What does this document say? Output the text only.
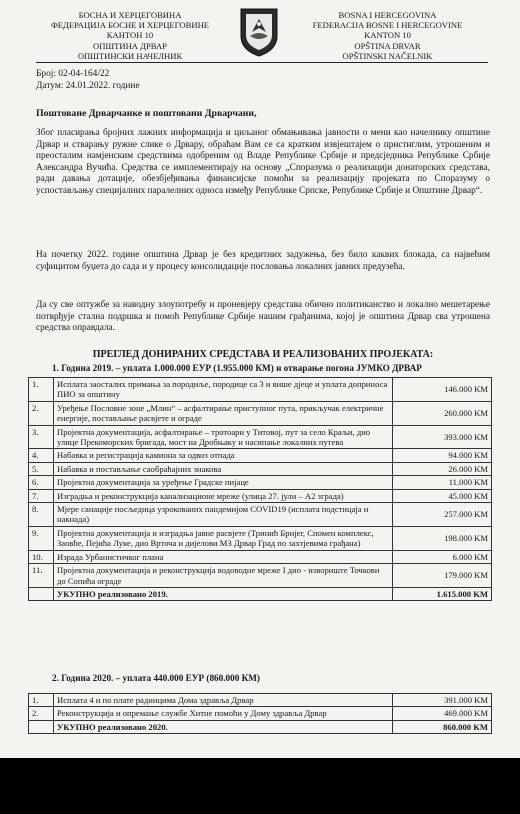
БОСНА И ХЕРЦЕГОВИНА
ФЕДЕРАЦИЈА БОСНЕ И ХЕРЦЕГОВИНЕ
КАНТОН 10
ОПШТИНА ДРВАР
ОПШТИНСКИ НАЧЕЛНИК
BOSNA I HERCEGOVINA
FEDERACIJA BOSNE I HERCEGOVINE
KANTON 10
OPŠTINA DRVAR
OPŠTINSKI NAČELNIK
Број: 02-04-164/22
Датум: 24.01.2022. године
Поштоване Дрварчанке и поштовани Дрварчани,
Због пласирања бројних лажних информација и циљаног обмањивања јавности о мени као начелнику општине Дрвар и стварању ружне слике о Дрвару, обраћам Вам се са кратким извјештајем о пристиглим, утрошеним и преосталим намјенским средствима одобреним од Владе Републике Србије и предсједника Републике Србије Александра Вучића. Средства се имплементирају на основу „Споразума о реализацији донаторских средстава, ради давања дотације, обезбјеђивања финансијске помоћи за реализацију пројеката по Споразуму о успостављању специјалних паралелних односа између Републике Српске, Републике Србије и Општине Дрвар“.
На почетку 2022. године општина Дрвар је без кредитних задужења, без било каквих блокада, са највећим суфицитом буџета до сада и у процесу консолидације пословања локалних јавних предузећа.
Да су све оптужбе за наводну злоупотребу и проневјеру средстава обично политиканство и локално мешетарење потврђује стална подршка и помоћ Републике Србије нашим грађанима, којој је општина Дрвар сва утрошена средства оправдала.
ПРЕГЛЕД ДОНИРАНИХ СРЕДСТАВА И РЕАЛИЗОВАНИХ ПРОЈЕКАТА:
1. Година 2019. – уплата 1.000.000 ЕУР (1.955.000 КМ) и отварање погона ЈУМКО ДРВАР
1.	Исплата заосталих примања за породиље, породице са 3 и више дјеце и уплата доприноса ПИО за општину	146.000 KM
2.	Уређење Пословне зоне „Млин“ – асфалтирање приступног пута, прикључак електричне енергије, постављање расвјете и ограде	260.000 KM
3.	Пројектна документација, асфалтирање – тротоари у Титовој, пут за село Краљи, дио улице Прекоморских бригада, мост на Дробњаку и насипање локалних путева	393.000 KM
4.	Набавка и регистрација камиона за одвоз отпада	94.000 KM
5.	Набавка и постављање саобраћајних знакова	26.000 KM
6.	Пројектна документација за уређење Градске пијаце	11.000 KM
7.	Изградња и реконструкција канализационе мреже (улица 27. јули – А2 зграда)	45.000 KM
8.	Мјере санације посљедица узрокованих пандемијом COVID19 (исплата подстицаја и накнада)	257.000 KM
9.	Пројектна документација и изградња јавне расвјете (Тринић Бријег, Спомен комплекс, Заовће, Пејића Луке, дио Врточа и дијелови МЗ Дрвар Град по захтјевима грађана)	198.000 KM
10.	Израда Урбанистичког плана	6.000 KM
11.	Пројектна документација и реконструкција водоводне мреже I дио - извориште Точкови до Сопића ограде	179.000 KM
	УКУПНО реализовано 2019.	1.615.000 KM
2. Година 2020. – уплата 440.000 ЕУР (860.000 КМ)
1.	Исплата 4 и по плате радницима Дома здравља Дрвар	391.000 KM
2.	Реконструкција и опремање службе Хитне помоћи у Дому здравља Дрвар	469.000 KM
	УКУПНО реализовано 2020.	860.000 KM
